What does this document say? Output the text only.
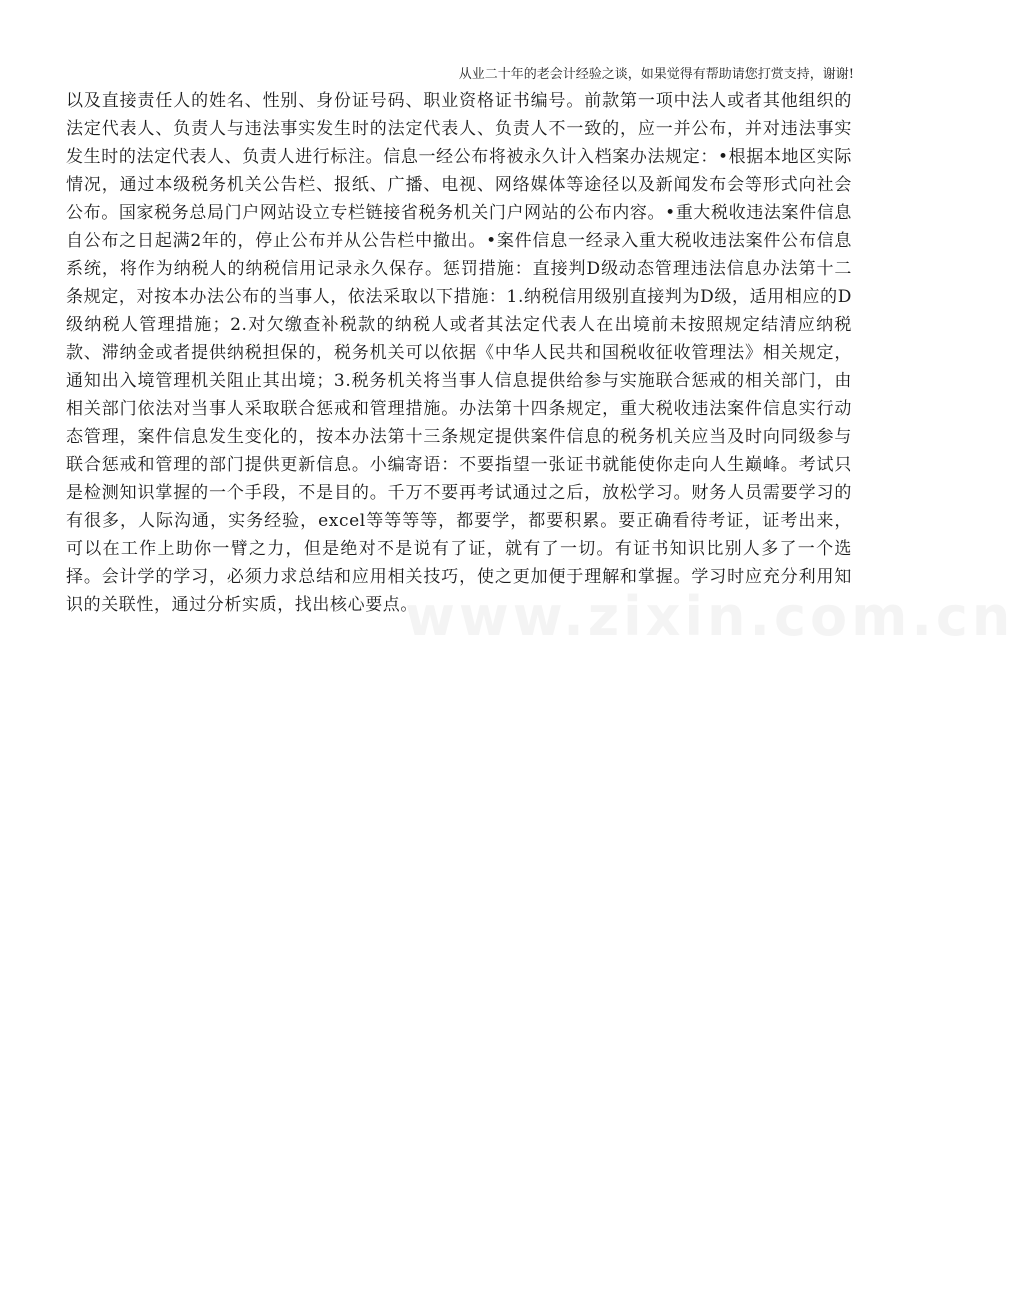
从业二十年的老会计经验之谈，如果觉得有帮助请您打赏支持，谢谢!
www.zixin.com.cn

以及直接责任人的姓名、性别、身份证号码、职业资格证书编号。前款第一项中法人或者其他组织的法定代表人、负责人与违法事实发生时的法定代表人、负责人不一致的，应一并公布，并对违法事实发生时的法定代表人、负责人进行标注。信息一经公布将被永久计入档案办法规定：•根据本地区实际情况，通过本级税务机关公告栏、报纸、广播、电视、网络媒体等途径以及新闻发布会等形式向社会公布。国家税务总局门户网站设立专栏链接省税务机关门户网站的公布内容。•重大税收违法案件信息自公布之日起满2年的，停止公布并从公告栏中撤出。•案件信息一经录入重大税收违法案件公布信息系统，将作为纳税人的纳税信用记录永久保存。惩罚措施：直接判D级动态管理违法信息办法第十二条规定，对按本办法公布的当事人，依法采取以下措施：1.纳税信用级别直接判为D级，适用相应的D级纳税人管理措施；2.对欠缴查补税款的纳税人或者其法定代表人在出境前未按照规定结清应纳税款、滞纳金或者提供纳税担保的，税务机关可以依据《中华人民共和国税收征收管理法》相关规定，通知出入境管理机关阻止其出境；3.税务机关将当事人信息提供给参与实施联合惩戒的相关部门，由相关部门依法对当事人采取联合惩戒和管理措施。办法第十四条规定，重大税收违法案件信息实行动态管理，案件信息发生变化的，按本办法第十三条规定提供案件信息的税务机关应当及时向同级参与联合惩戒和管理的部门提供更新信息。小编寄语：不要指望一张证书就能使你走向人生巅峰。考试只是检测知识掌握的一个手段，不是目的。千万不要再考试通过之后，放松学习。财务人员需要学习的有很多，人际沟通，实务经验，excel等等等等，都要学，都要积累。要正确看待考证，证考出来，可以在工作上助你一臂之力，但是绝对不是说有了证，就有了一切。有证书知识比别人多了一个选择。会计学的学习，必须力求总结和应用相关技巧，使之更加便于理解和掌握。学习时应充分利用知识的关联性，通过分析实质，找出核心要点。
